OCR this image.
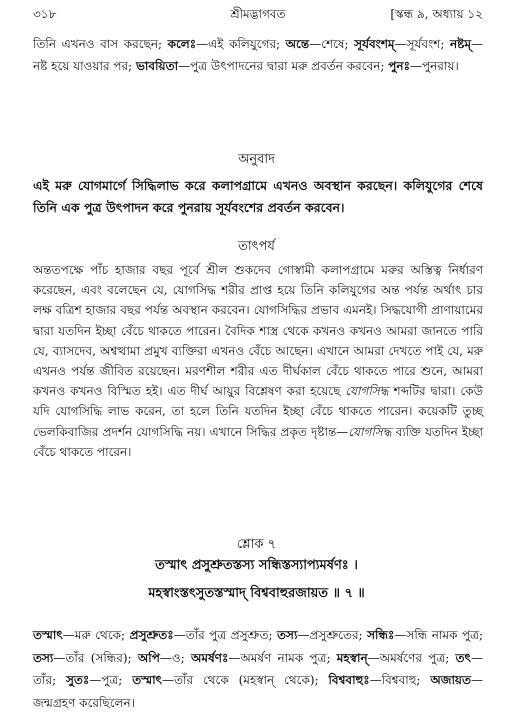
৩১৮	শ্রীমদ্ভাগবত	[স্কন্ধ ৯, অধ্যায় ১২
তিনি এখনও বাস করছেন; কলেঃ—এই কলিযুগের; অন্তে—শেষে; সূর্যবংশম্—সূর্যবংশ; নষ্টম্—নষ্ট হয়ে যাওয়ার পর; ভাবয়িতা—পুত্র উৎপাদনের দ্বারা মরু প্রবর্তন করবেন; পুনঃ—পুনরায়।
অনুবাদ
এই মরু যোগমার্গে সিদ্ধিলাভ করে কলাপগ্রামে এখনও অবস্থান করছেন। কলিযুগের শেষে তিনি এক পুত্র উৎপাদন করে পুনরায় সূর্যবংশের প্রবর্তন করবেন।
তাৎপর্য
অন্ততপক্ষে পাঁচ হাজার বছর পূর্বে শ্রীল শুকদেব গোস্বামী কলাপগ্রামে মরুর অস্তিত্ব নির্ধারণ করেছেন, এবং বলেছেন যে, যোগসিদ্ধ শরীর প্রাপ্ত হয়ে তিনি কলিযুগের অন্ত পর্যন্ত অর্থাৎ চার লক্ষ বত্রিশ হাজার বছর পর্যন্ত অবস্থান করবেন। যোগসিদ্ধির প্রভাব এমনই। সিদ্ধযোগী প্রাণায়ামের দ্বারা যতদিন ইচ্ছা বেঁচে থাকতে পারেন। বৈদিক শাস্ত্র থেকে কখনও কখনও আমরা জানতে পারি যে, ব্যাসদেব, অশ্বত্থামা প্রমুখ ব্যক্তিরা এখনও বেঁচে আছেন। এখানে আমরা দেখতে পাই যে, মরু এখনও পর্যন্ত জীবিত রয়েছেন। মরণশীল শরীর এত দীর্ঘকাল বেঁচে থাকতে পারে শুনে, আমরা কখনও কখনও বিস্মিত হই। এত দীর্ঘ আয়ুর বিশ্লেষণ করা হয়েছে যোগসিদ্ধ শব্দটির দ্বারা। কেউ যদি যোগসিদ্ধি লাভ করেন, তা হলে তিনি যতদিন ইচ্ছা বেঁচে থাকতে পারেন। কয়েকটি তুচ্ছ ভেলকিবাজির প্রদর্শন যোগসিদ্ধি নয়। এখানে সিদ্ধির প্রকৃত দৃষ্টান্ত—যোগসিদ্ধ ব্যক্তি যতদিন ইচ্ছা বেঁচে থাকতে পারেন।
শ্লোক ৭
তস্মাৎ প্রসুশ্রুতস্তস্য সন্ধিস্তস্যাপ্যমর্ষণঃ ।
মহস্বাংস্তৎসুতস্তস্মাদ্ বিশ্ববাহুরজায়ত ॥ ৭ ॥
তস্মাৎ—মরু থেকে; প্রসুশ্রুতঃ—তাঁর পুত্র প্রসুশ্রুত; তস্য—প্রসুশ্রুতের; সন্ধিঃ—সন্ধি নামক পুত্র; তস্য—তাঁর (সন্ধির); অপি—ও; অমর্ষণঃ—অমর্ষণ নামক পুত্র; মহস্বান্—অমর্ষণের পুত্র; তৎ—তাঁর; সুতঃ—পুত্র; তস্মাৎ—তাঁর থেকে (মহস্বান্ থেকে); বিশ্ববাহুঃ—বিশ্ববাহু; অজায়ত—জন্মগ্রহণ করেছিলেন।
